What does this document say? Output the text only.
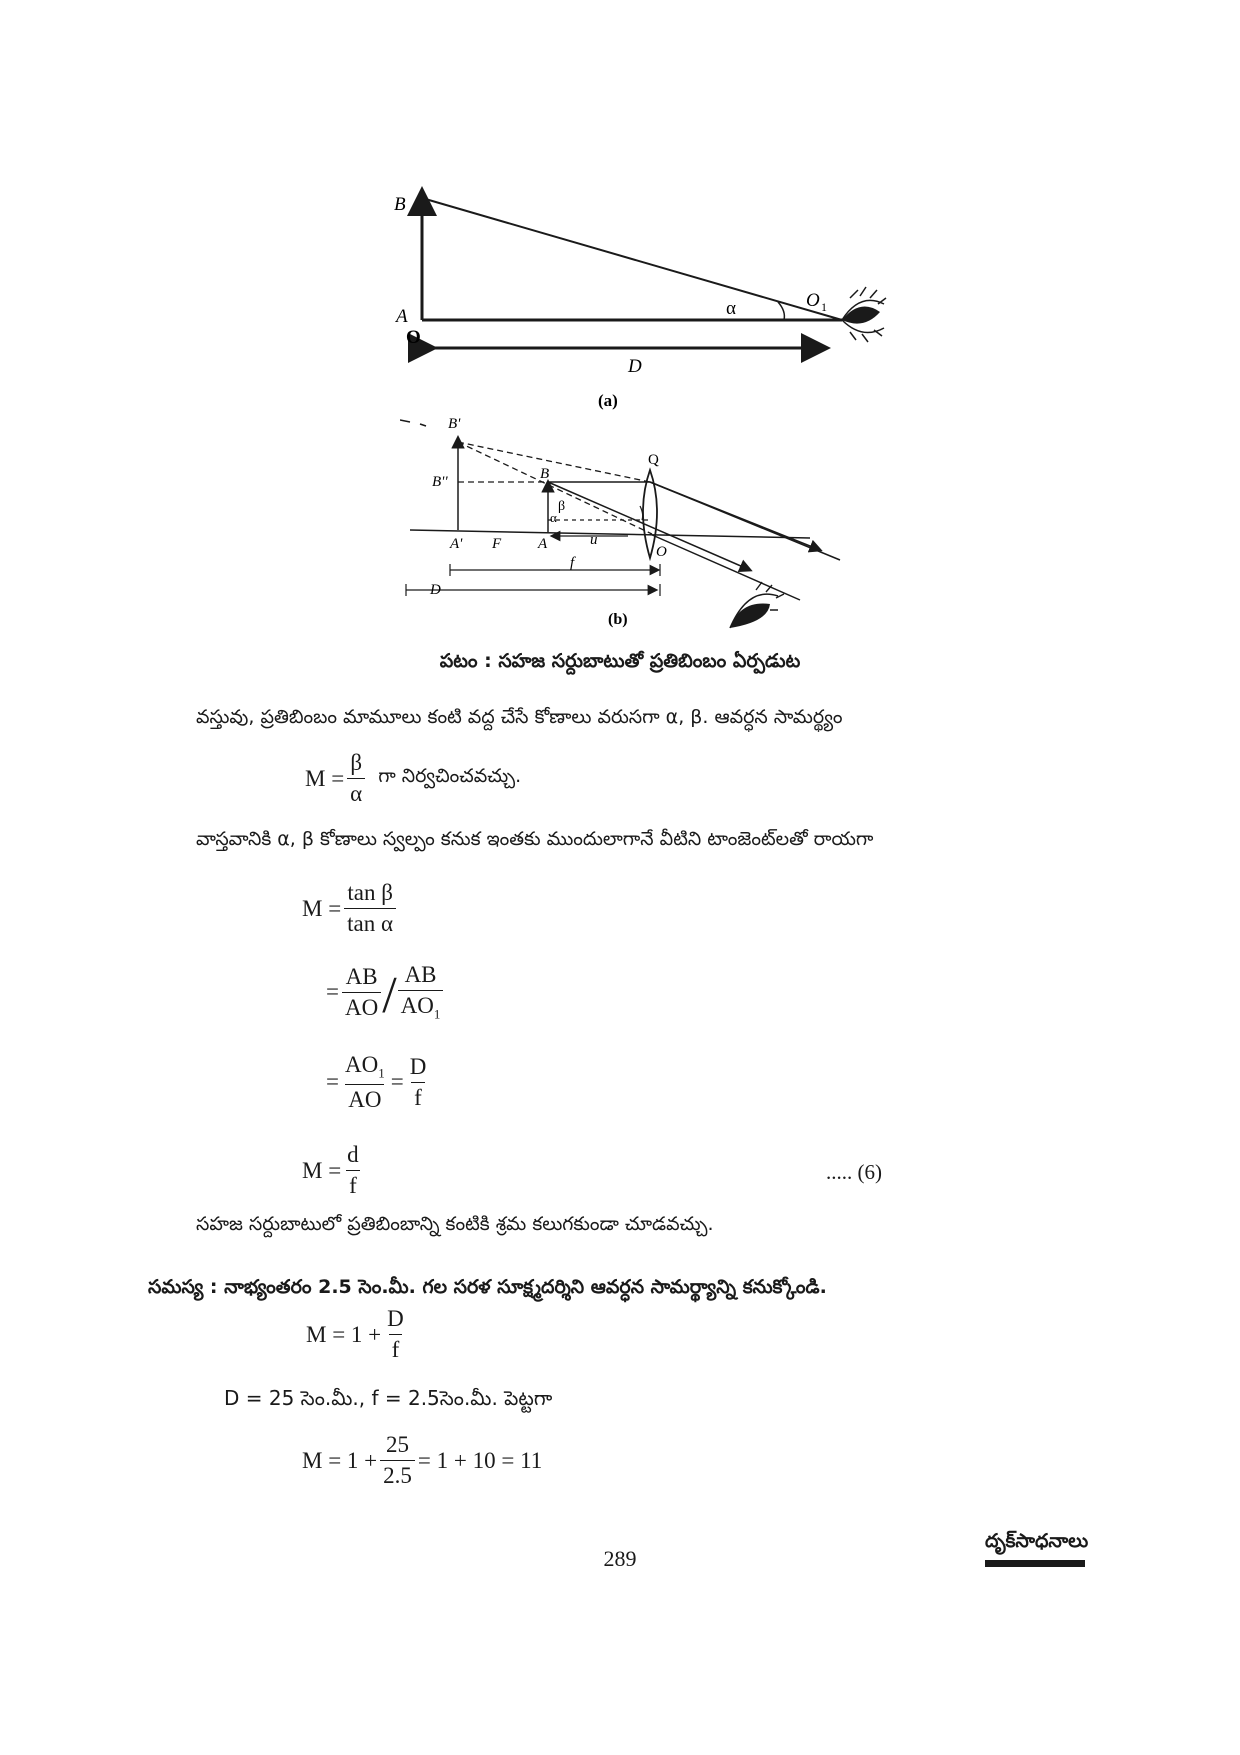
B
A
O
α	O 1
D
(a)
B'
B''	B
Q
β
α
A' F A	u
O
f
D
(b)
పటం : సహజ సర్దుబాటుతో ప్రతిబింబం ఏర్పడుట
వస్తువు, ప్రతిబింబం మామూలు కంటి వద్ద చేసే కోణాలు వరుసగా α, β. ఆవర్ధన సామర్థ్యం
$M = \frac{\beta}{\alpha}$ గా నిర్వచించవచ్చు.
వాస్తవానికి α, β కోణాలు స్వల్పం కనుక ఇంతకు ముందులాగానే వీటిని టాంజెంట్‌లతో రాయగా
$M = \frac{\text{tan β}}{\text{tan α}}$
= $\frac{AB}{AO} / \frac{AB}{AO_1}$
= $\frac{AO_1}{AO} = \frac{D}{f}$
$M = \frac{d}{f}$	..... (6)
సహజ సర్దుబాటులో ప్రతిబింబాన్ని కంటికి శ్రమ కలుగకుండా చూడవచ్చు.
సమస్య : నాభ్యంతరం 2.5 సెం.మీ. గల సరళ సూక్ష్మదర్శిని ఆవర్ధన సామర్థ్యాన్ని కనుక్కోండి.
$M = 1 + \frac{D}{f}$
D = 25 సెం.మీ., f = 2.5సెం.మీ. పెట్టగా
$M = 1 + \frac{25}{2.5} = 1 + 10 = 11$
289
దృక్‌సాధనాలు
